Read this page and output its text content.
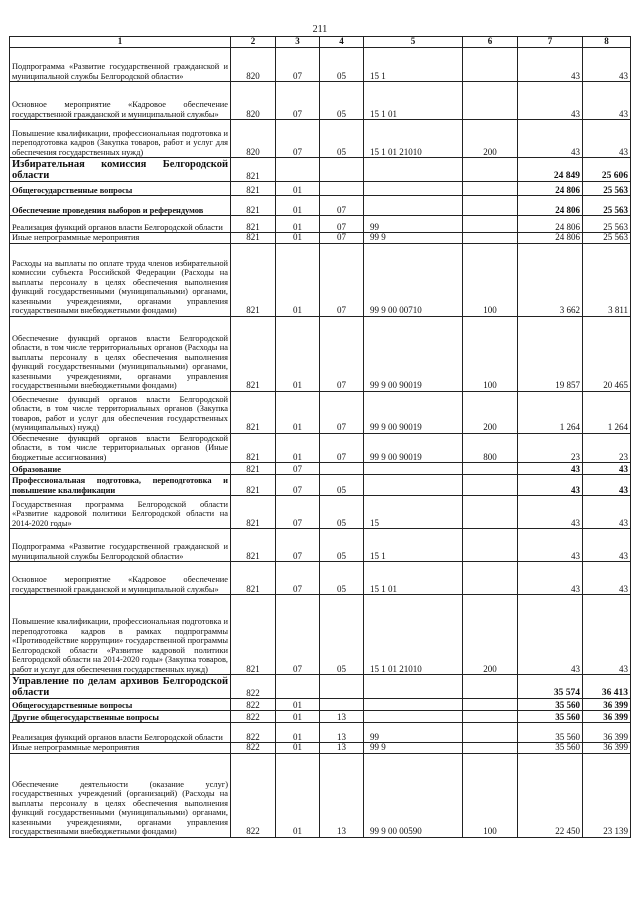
211
1	2	3	4	5	6	7	8
Подпрограмма «Развитие государственной гражданской и муниципальной службы Белгородской области»	820	07	05	15 1		43	43
Основное мероприятие «Кадровое обеспечение государственной гражданской и муниципальной службы»	820	07	05	15 1 01		43	43
Повышение квалификации, профессиональная подготовка и переподготовка кадров (Закупка товаров, работ и услуг для обеспечения государственных нужд)	820	07	05	15 1 01 21010	200	43	43
Избирательная комиссия Белгородской области	821					24 849	25 606
Общегосударственные вопросы	821	01				24 806	25 563
Обеспечение проведения выборов и референдумов	821	01	07			24 806	25 563
Реализация функций органов власти Белгородской области	821	01	07	99		24 806	25 563
Иные непрограммные мероприятия	821	01	07	99 9		24 806	25 563
Расходы на выплаты по оплате труда членов избирательной комиссии субъекта Российской Федерации (Расходы на выплаты персоналу в целях обеспечения выполнения функций государственными (муниципальными) органами, казенными учреждениями, органами управления государственными внебюджетными фондами)	821	01	07	99 9 00 00710	100	3 662	3 811
Обеспечение функций органов власти Белгородской области, в том числе территориальных органов (Расходы на выплаты персоналу в целях обеспечения выполнения функций государственными (муниципальными) органами, казенными учреждениями, органами управления государственными внебюджетными фондами)	821	01	07	99 9 00 90019	100	19 857	20 465
Обеспечение функций органов власти Белгородской области, в том числе территориальных органов (Закупка товаров, работ и услуг для обеспечения государственных (муниципальных) нужд)	821	01	07	99 9 00 90019	200	1 264	1 264
Обеспечение функций органов власти Белгородской области, в том числе территориальных органов (Иные бюджетные ассигнования)	821	01	07	99 9 00 90019	800	23	23
Образование	821	07				43	43
Профессиональная подготовка, переподготовка и повышение квалификации	821	07	05			43	43
Государственная программа Белгородской области «Развитие кадровой политики Белгородской области на 2014-2020 годы»	821	07	05	15		43	43
Подпрограмма «Развитие государственной гражданской и муниципальной службы Белгородской области»	821	07	05	15 1		43	43
Основное мероприятие «Кадровое обеспечение государственной гражданской и муниципальной службы»	821	07	05	15 1 01		43	43
Повышение квалификации, профессиональная подготовка и переподготовка кадров в рамках подпрограммы «Противодействие коррупции» государственной программы Белгородской области «Развитие кадровой политики Белгородской области на 2014-2020 годы» (Закупка товаров, работ и услуг для обеспечения государственных нужд)	821	07	05	15 1 01 21010	200	43	43
Управление по делам архивов Белгородской области	822					35 574	36 413
Общегосударственные вопросы	822	01				35 560	36 399
Другие общегосударственные вопросы	822	01	13			35 560	36 399
Реализация функций органов власти Белгородской области	822	01	13	99		35 560	36 399
Иные непрограммные мероприятия	822	01	13	99 9		35 560	36 399
Обеспечение деятельности (оказание услуг) государственных учреждений (организаций) (Расходы на выплаты персоналу в целях обеспечения выполнения функций государственными (муниципальными) органами, казенными учреждениями, органами управления государственными внебюджетными фондами)	822	01	13	99 9 00 00590	100	22 450	23 139
